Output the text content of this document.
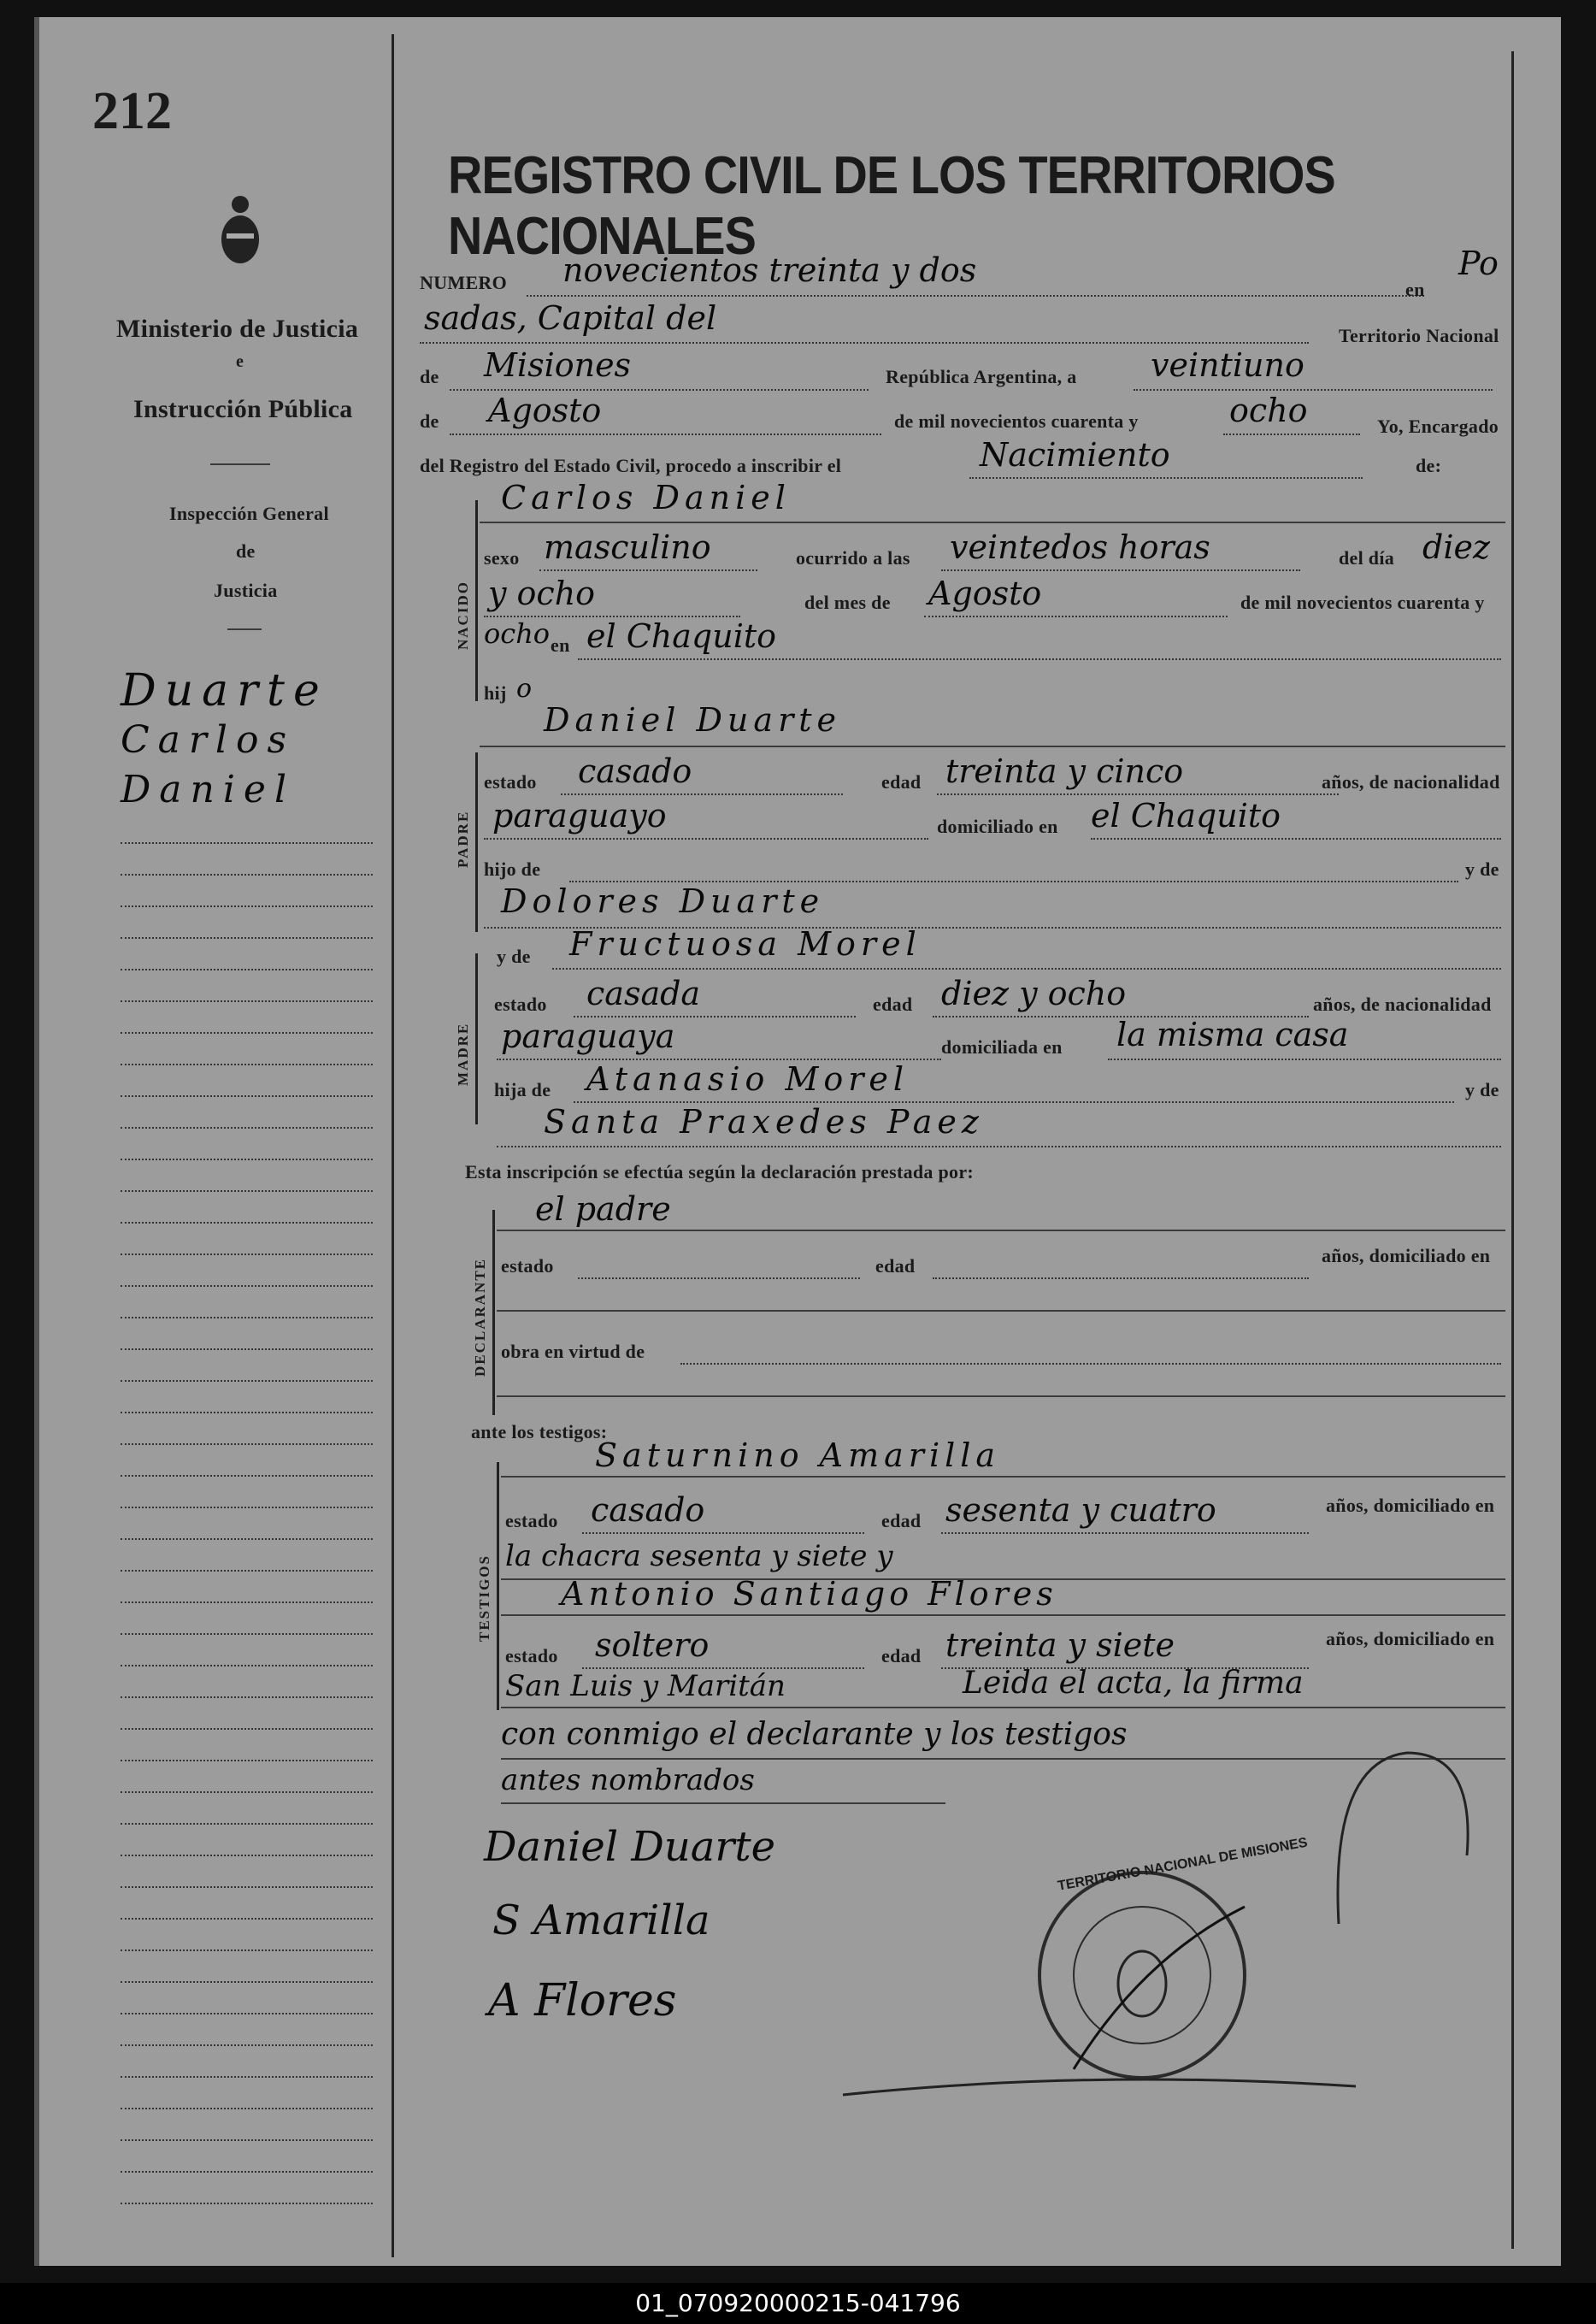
212
Ministerio de Justicia
e
Instrucción Pública
Inspección General
de
Justicia
Duarte
Carlos
Daniel
REGISTRO CIVIL DE LOS TERRITORIOS NACIONALES
NUMERO novecientos treinta y dos
en
Po
sadas, Capital del	Territorio Nacional
de Misiones	República Argentina, a veintiuno
de Agosto	de mil novecientos cuarenta y	ocho	Yo, Encargado
del Registro del Estado Civil, procedo a inscribir el	Nacimiento	de:
Carlos Daniel
NACIDO
sexo masculino	ocurrido a las veintedos horas	del día diez
y ocho	del mes de Agosto	de mil novecientos cuarenta y
ocho en el Chaquito
hij o
Daniel Duarte
PADRE
estado casado	edad treinta y cinco	años, de nacionalidad
paraguayo	domiciliado en el Chaquito
hijo de	y de
Dolores Duarte
MADRE
y de Fructuosa Morel
estado casada	edad diez y ocho	años, de nacionalidad
paraguaya	domiciliada en la misma casa
hija de Atanasio Morel	y de
Santa Praxedes Paez
Esta inscripción se efectúa según la declaración prestada por:
el padre
DECLARANTE estado	edad	años, domiciliado en
obra en virtud de
ante los testigos:
Saturnino Amarilla
TESTIGOS
estado casado	edad sesenta y cuatro	años, domiciliado en
la chacra sesenta y siete y
Antonio Santiago Flores
estado soltero	edad treinta y siete	años, domiciliado en
San Luis y Maritán	Leida el acta, la firma
con conmigo el declarante y los testigos
antes nombrados
Daniel Duarte
S Amarilla
A Flores
TERRITORIO NACIONAL DE MISIONES
01_070920000215-041796
